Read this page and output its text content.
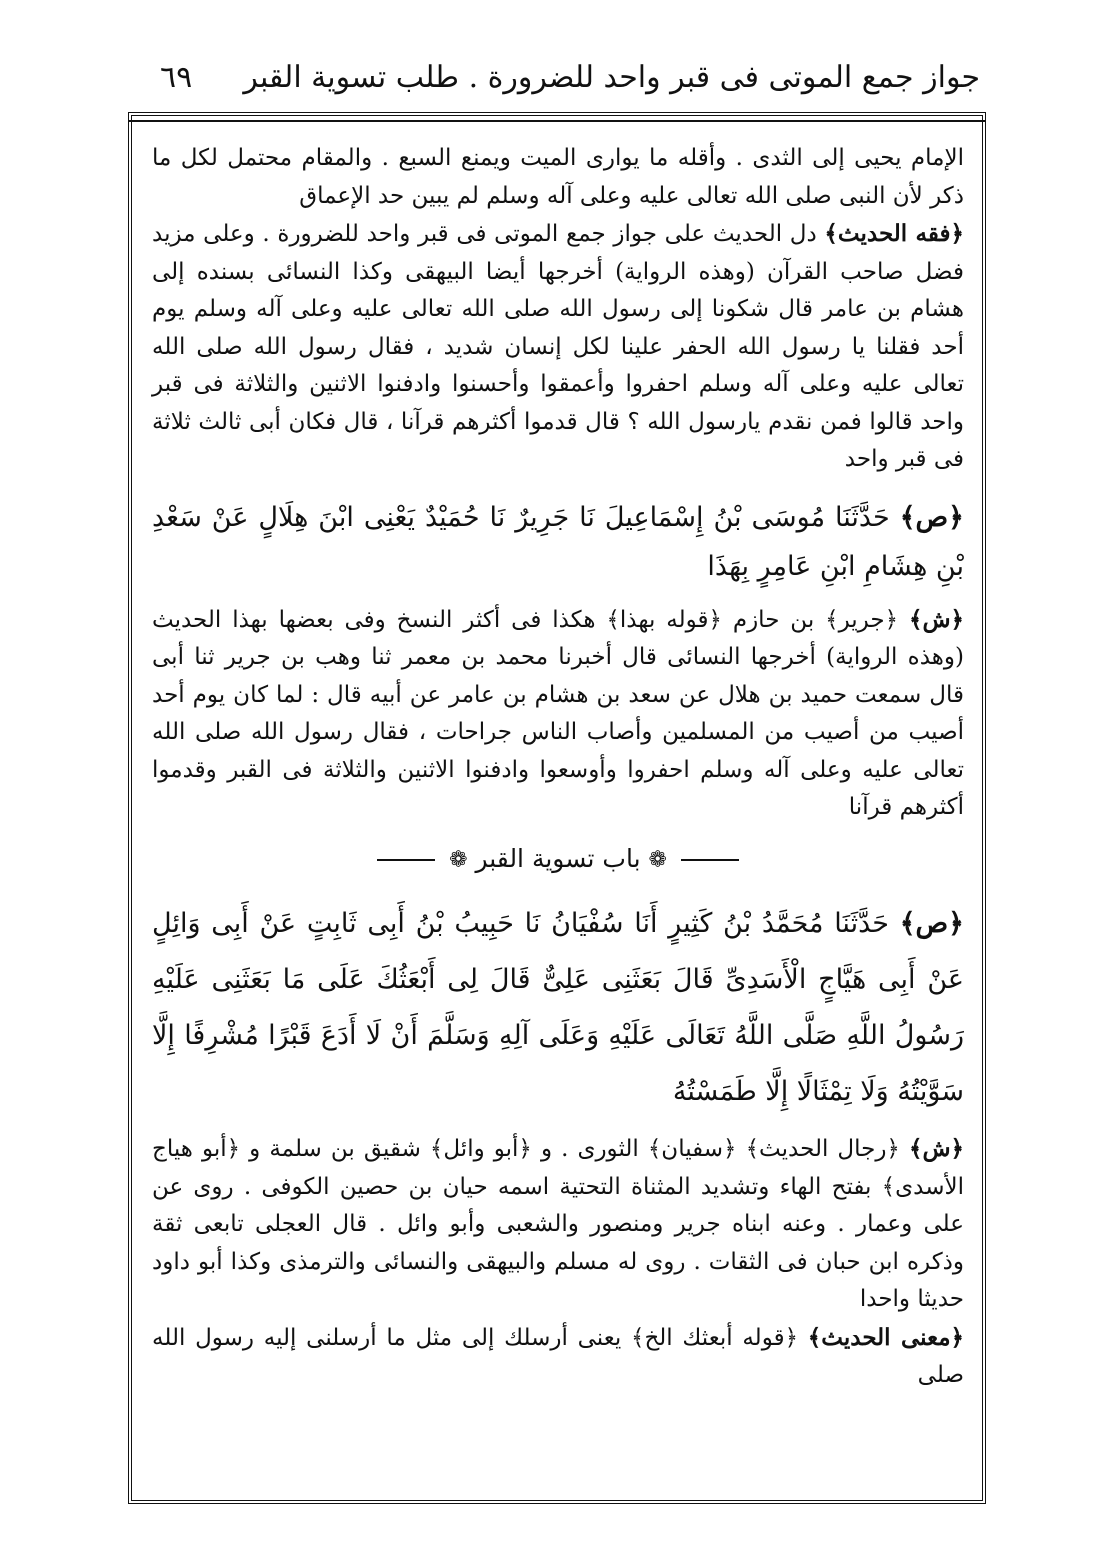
جواز جمع الموتى فى قبر واحد للضرورة . طلب تسوية القبر
٦٩

الإمام يحيى إلى الثدى . وأقله ما يوارى الميت ويمنع السبع . والمقام محتمل لكل ما ذكر لأن النبى صلى الله تعالى عليه وعلى آله وسلم لم يبين حد الإعماق

﴿فقه الحديث﴾ دل الحديث على جواز جمع الموتى فى قبر واحد للضرورة . وعلى مزيد فضل صاحب القرآن (وهذه الرواية) أخرجها أيضا البيهقى وكذا النسائى بسنده إلى هشام بن عامر قال شكونا إلى رسول الله صلى الله تعالى عليه وعلى آله وسلم يوم أحد فقلنا يا رسول الله الحفر علينا لكل إنسان شديد ، فقال رسول الله صلى الله تعالى عليه وعلى آله وسلم احفروا وأعمقوا وأحسنوا وادفنوا الاثنين والثلاثة فى قبر واحد قالوا فمن نقدم يارسول الله ؟ قال قدموا أكثرهم قرآنا ، قال فكان أبى ثالث ثلاثة فى قبر واحد

﴿ص﴾ حَدَّثَنَا مُوسَى بْنُ إِسْمَاعِيلَ نَا جَرِيرٌ نَا حُمَيْدٌ يَعْنِى ابْنَ هِلَالٍ عَنْ سَعْدِ بْنِ هِشَامِ ابْنِ عَامِرٍ بِهَذَا

﴿ش﴾ ﴿جرير﴾ بن حازم ﴿قوله بهذا﴾ هكذا فى أكثر النسخ وفى بعضها بهذا الحديث (وهذه الرواية) أخرجها النسائى قال أخبرنا محمد بن معمر ثنا وهب بن جرير ثنا أبى قال سمعت حميد بن هلال عن سعد بن هشام بن عامر عن أبيه قال : لما كان يوم أحد أصيب من أصيب من المسلمين وأصاب الناس جراحات ، فقال رسول الله صلى الله تعالى عليه وعلى آله وسلم احفروا وأوسعوا وادفنوا الاثنين والثلاثة فى القبر وقدموا أكثرهم قرآنا

❁ باب تسوية القبر ❁

﴿ص﴾ حَدَّثَنَا مُحَمَّدُ بْنُ كَثِيرٍ أَنَا سُفْيَانُ نَا حَبِيبُ بْنُ أَبِى ثَابِتٍ عَنْ أَبِى وَائِلٍ عَنْ أَبِى هَيَّاجٍ الْأَسَدِىِّ قَالَ بَعَثَنِى عَلِىٌّ قَالَ لِى أَبْعَثُكَ عَلَى مَا بَعَثَنِى عَلَيْهِ رَسُولُ اللَّهِ صَلَّى اللَّهُ تَعَالَى عَلَيْهِ وَعَلَى آلِهِ وَسَلَّمَ أَنْ لَا أَدَعَ قَبْرًا مُشْرِفًا إِلَّا سَوَّيْتُهُ وَلَا تِمْثَالًا إِلَّا طَمَسْتُهُ

﴿ش﴾ ﴿رجال الحديث﴾ ﴿سفيان﴾ الثورى . و ﴿أبو وائل﴾ شقيق بن سلمة و ﴿أبو هياج الأسدى﴾ بفتح الهاء وتشديد المثناة التحتية اسمه حيان بن حصين الكوفى . روى عن على وعمار . وعنه ابناه جرير ومنصور والشعبى وأبو وائل . قال العجلى تابعى ثقة وذكره ابن حبان فى الثقات . روى له مسلم والبيهقى والنسائى والترمذى وكذا أبو داود حديثا واحدا

﴿معنى الحديث﴾ ﴿قوله أبعثك الخ﴾ يعنى أرسلك إلى مثل ما أرسلنى إليه رسول الله صلى
